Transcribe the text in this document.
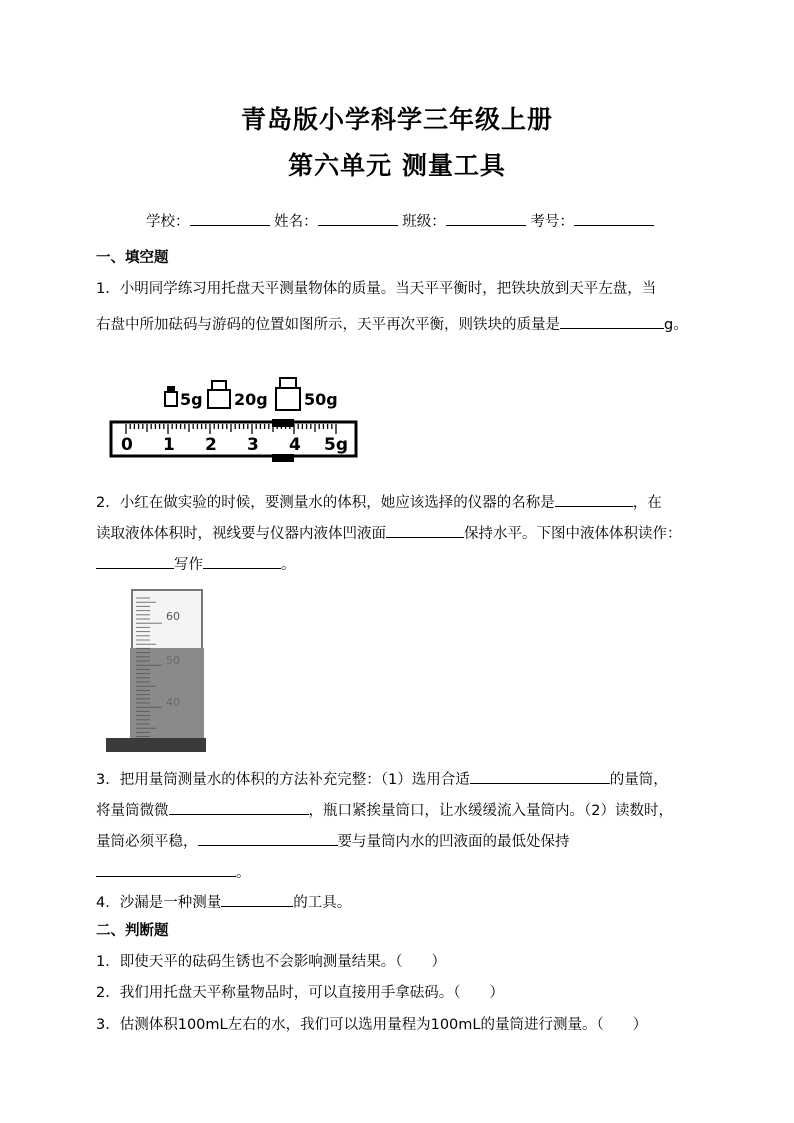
青岛版小学科学三年级上册
第六单元 测量工具
学校：	姓名：	班级：	考号：
一、填空题
1．小明同学练习用托盘天平测量物体的质量。当天平平衡时，把铁块放到天平左盘，当
右盘中所加砝码与游码的位置如图所示，天平再次平衡，则铁块的质量是	g。
5g 20g 50g
0 1 2 3 4 5g
2．小红在做实验的时候，要测量水的体积，她应该选择的仪器的名称是	，在
读取液体体积时，视线要与仪器内液体凹液面	保持水平。下图中液体体积读作：
写作	。
60
50
40
3．把用量筒测量水的体积的方法补充完整：（1）选用合适	的量筒，
将量筒微微	，瓶口紧挨量筒口，让水缓缓流入量筒内。（2）读数时，
量筒必须平稳，	要与量筒内水的凹液面的最低处保持
。
4．沙漏是一种测量	的工具。
二、判断题
1．即使天平的砝码生锈也不会影响测量结果。（　　）
2．我们用托盘天平称量物品时，可以直接用手拿砝码。（　　）
3．估测体积100mL左右的水，我们可以选用量程为100mL的量筒进行测量。（　　）
